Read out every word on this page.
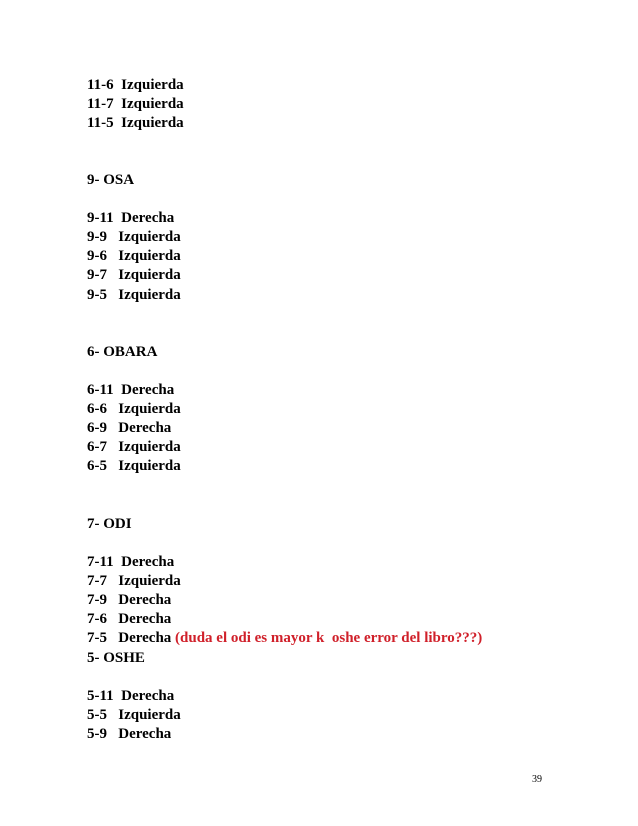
11-6  Izquierda
11-7  Izquierda
11-5  Izquierda
9- OSA
9-11  Derecha
9-9   Izquierda
9-6   Izquierda
9-7   Izquierda
9-5   Izquierda
6- OBARA
6-11  Derecha
6-6   Izquierda
6-9   Derecha
6-7   Izquierda
6-5   Izquierda
7- ODI
7-11  Derecha
7-7   Izquierda
7-9   Derecha
7-6   Derecha
7-5   Derecha (duda el odi es mayor k  oshe error del libro???)
5- OSHE
5-11  Derecha
5-5   Izquierda
5-9   Derecha
39
